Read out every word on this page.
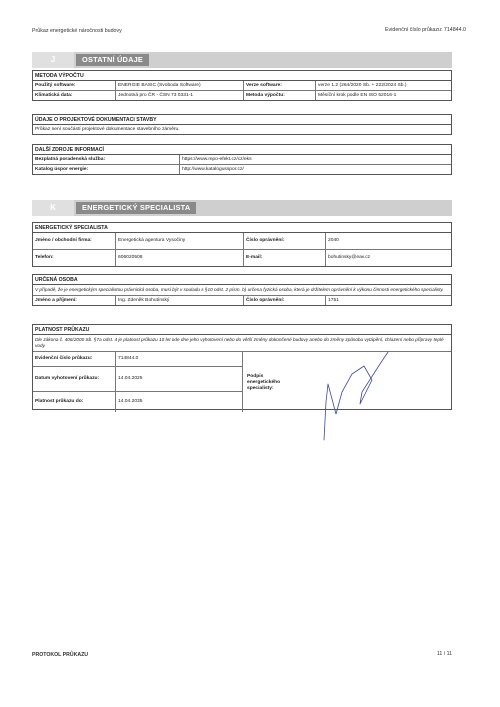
Průkaz energetické náročnosti budovy	Evidenční číslo průkazu: 714844.0
J	OSTATNÍ ÚDAJE
METODA VÝPOČTU
Použitý software:	ENERGIE BASIC (Svoboda Software)	Verze software:	verze 1.2 (264/2020 Sb. + 222/2024 Sb.)
Klimatická data:	Jednotná pro ČR - ČSN 73 0331-1	Metoda výpočtu:	Měsíční krok podle EN ISO 52016-1
ÚDAJE O PROJEKTOVÉ DOKUMENTACI STAVBY
Průkaz není součástí projektové dokumentace stavebního záměru.
DALŠÍ ZDROJE INFORMACÍ
Bezplatná poradenská služba:	https://www.mpo-efekt.cz/cz/eks
Katalog úspor energie:	http://www.katalogusspor.cz/
K	ENERGETICKÝ SPECIALISTA
ENERGETICKÝ SPECIALISTA
Jméno / obchodní firma:	Energetická agentura Vysočiny	Číslo oprávnění:	2040
Telefon:	606020508	E-mail:	bohutinsky@eav.cz
URČENÁ OSOBA
V případě, že je energetickým specialistou právnická osoba, musí být v souladu s §10 odst. 2 písm. b) určena fyzická osoba, která je držitelem oprávnění k výkonu činnosti energetického specialisty.
Jméno a příjmení:	Ing. Zdeněk Bohutínský	Číslo oprávnění:	1751
PLATNOST PRŮKAZU
Dle zákona č. 406/2000 Sb. §7a odst. 4 je platnost průkazu 10 let ode dne jeho vyhotovení nebo do větší změny dokončené budovy anebo do změny způsobu vytápění, chlazení nebo přípravy teplé vody.
Evidenční číslo průkazu:	714844.0
Datum vyhotovení průkazu:	14.04.2025
Platnost průkazu do:	14.04.2035
Podpis energetického specialisty:
PROTOKOL PRŮKAZU	11 / 11
